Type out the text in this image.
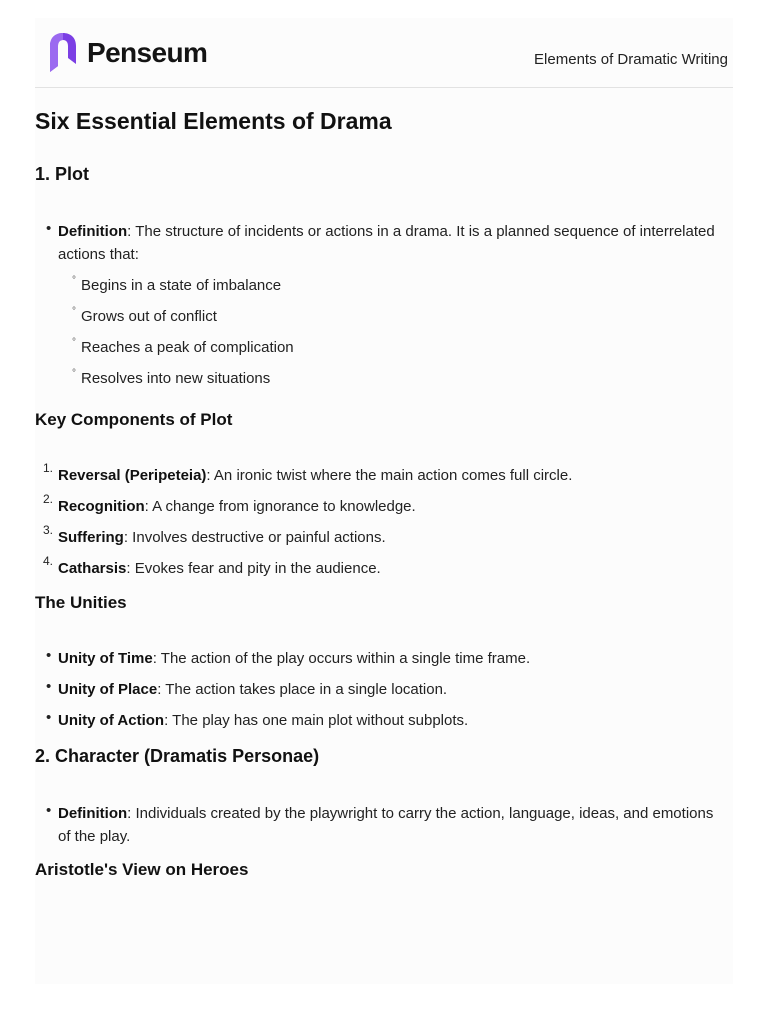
Penseum	Elements of Dramatic Writing
Six Essential Elements of Drama
1. Plot
• Definition: The structure of incidents or actions in a drama. It is a planned sequence of interrelated actions that:
° Begins in a state of imbalance
° Grows out of conflict
° Reaches a peak of complication
° Resolves into new situations
Key Components of Plot
1. Reversal (Peripeteia): An ironic twist where the main action comes full circle.
2. Recognition: A change from ignorance to knowledge.
3. Suffering: Involves destructive or painful actions.
4. Catharsis: Evokes fear and pity in the audience.
The Unities
• Unity of Time: The action of the play occurs within a single time frame.
• Unity of Place: The action takes place in a single location.
• Unity of Action: The play has one main plot without subplots.
2. Character (Dramatis Personae)
• Definition: Individuals created by the playwright to carry the action, language, ideas, and emotions of the play.
Aristotle's View on Heroes
